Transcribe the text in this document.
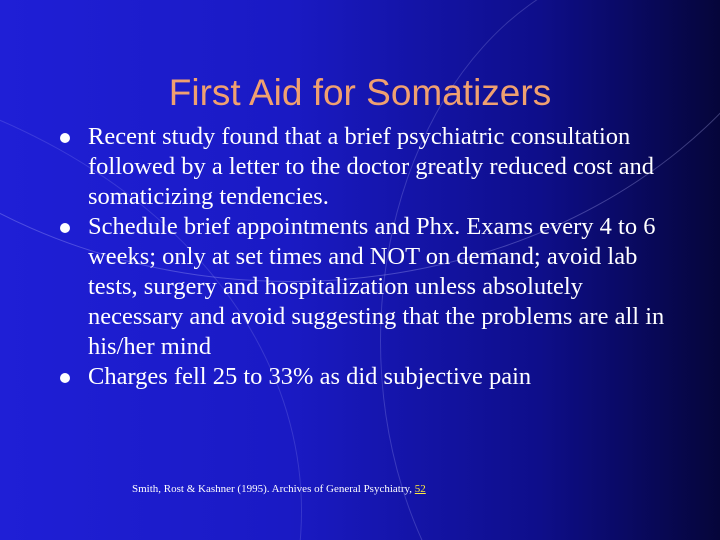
First Aid for Somatizers
Recent study found that a brief psychiatric consultation followed by a letter to the doctor greatly reduced cost and somaticizing tendencies.
Schedule brief appointments and Phx. Exams every 4 to 6 weeks; only at set times and NOT on demand; avoid lab tests, surgery and hospitalization unless absolutely necessary and avoid suggesting that the problems are all in his/her mind
Charges fell 25 to 33% as did subjective pain
Smith, Rost & Kashner (1995). Archives of General Psychiatry, 52
